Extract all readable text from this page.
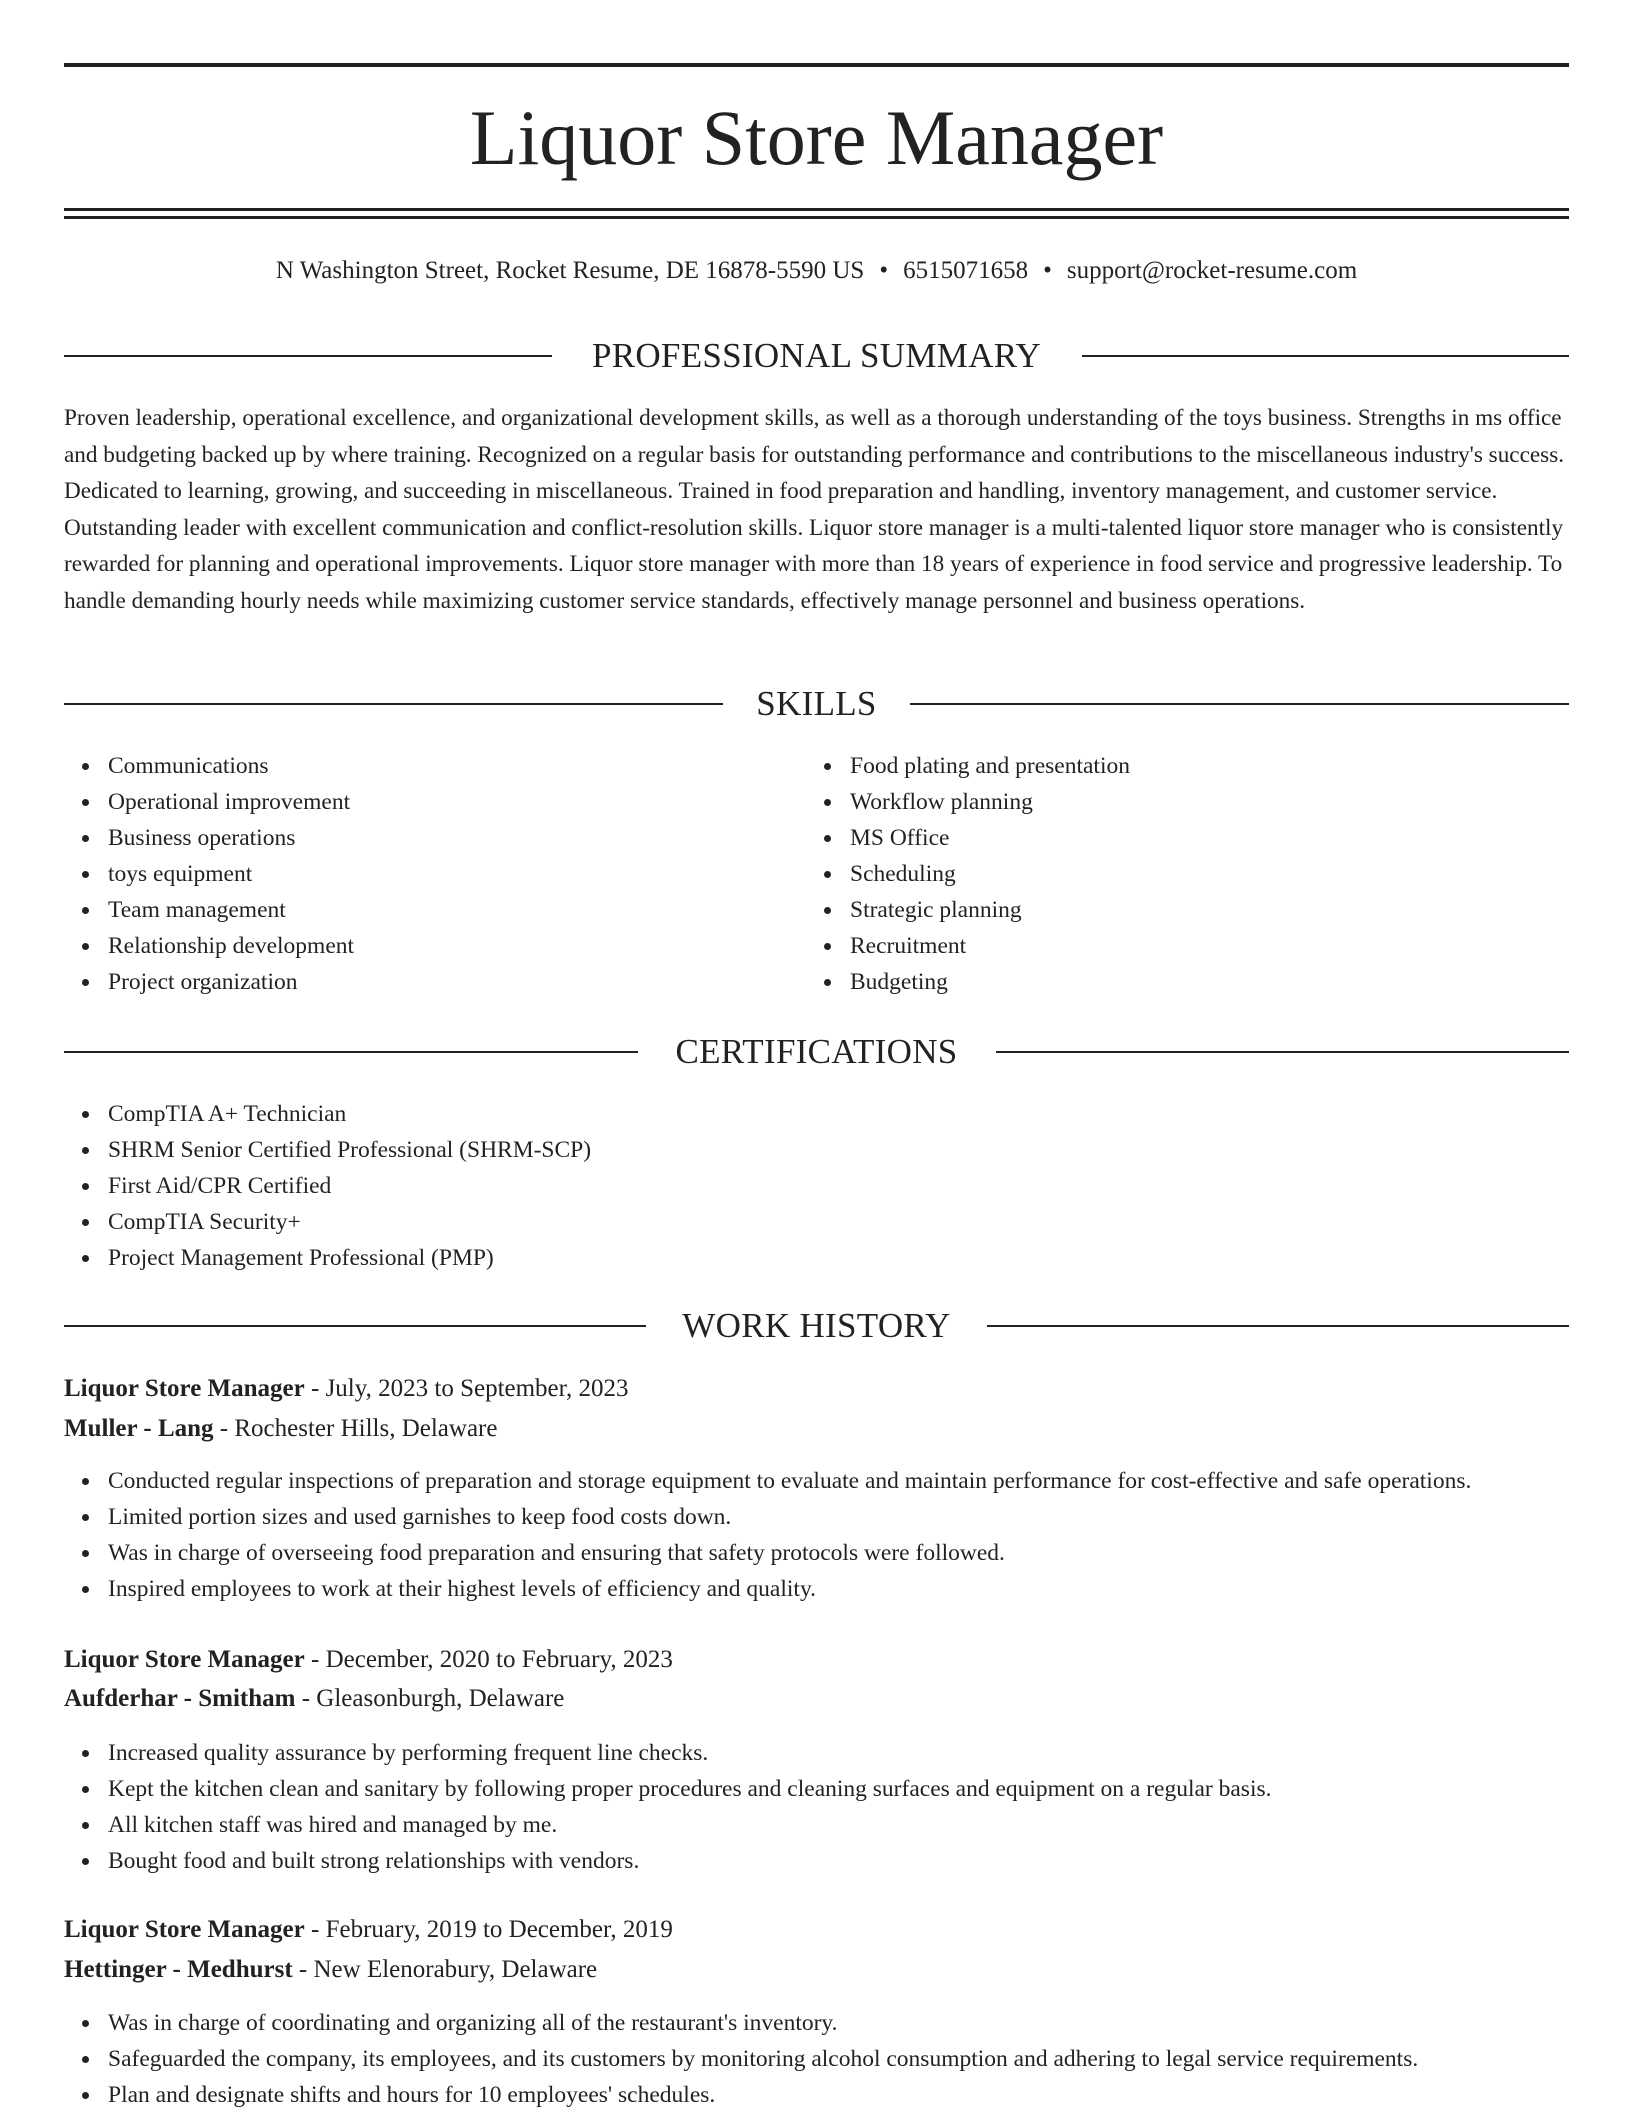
Liquor Store Manager
N Washington Street, Rocket Resume, DE 16878-5590 US • 6515071658 • support@rocket-resume.com
PROFESSIONAL SUMMARY

Proven leadership, operational excellence, and organizational development skills, as well as a thorough understanding of the toys business. Strengths in ms office and budgeting backed up by where training. Recognized on a regular basis for outstanding performance and contributions to the miscellaneous industry's success. Dedicated to learning, growing, and succeeding in miscellaneous. Trained in food preparation and handling, inventory management, and customer service. Outstanding leader with excellent communication and conflict-resolution skills. Liquor store manager is a multi-talented liquor store manager who is consistently rewarded for planning and operational improvements. Liquor store manager with more than 18 years of experience in food service and progressive leadership. To handle demanding hourly needs while maximizing customer service standards, effectively manage personnel and business operations.

SKILLS
Communications
Operational improvement
Business operations
toys equipment
Team management
Relationship development
Project organization
Food plating and presentation
Workflow planning
MS Office
Scheduling
Strategic planning
Recruitment
Budgeting
CERTIFICATIONS
CompTIA A+ Technician
SHRM Senior Certified Professional (SHRM-SCP)
First Aid/CPR Certified
CompTIA Security+
Project Management Professional (PMP)
WORK HISTORY
Liquor Store Manager - July, 2023 to September, 2023
Muller - Lang - Rochester Hills, Delaware
Conducted regular inspections of preparation and storage equipment to evaluate and maintain performance for cost-effective and safe operations.
Limited portion sizes and used garnishes to keep food costs down.
Was in charge of overseeing food preparation and ensuring that safety protocols were followed.
Inspired employees to work at their highest levels of efficiency and quality.
Liquor Store Manager - December, 2020 to February, 2023
Aufderhar - Smitham - Gleasonburgh, Delaware
Increased quality assurance by performing frequent line checks.
Kept the kitchen clean and sanitary by following proper procedures and cleaning surfaces and equipment on a regular basis.
All kitchen staff was hired and managed by me.
Bought food and built strong relationships with vendors.
Liquor Store Manager - February, 2019 to December, 2019
Hettinger - Medhurst - New Elenorabury, Delaware
Was in charge of coordinating and organizing all of the restaurant's inventory.
Safeguarded the company, its employees, and its customers by monitoring alcohol consumption and adhering to legal service requirements.
Plan and designate shifts and hours for 10 employees' schedules.
